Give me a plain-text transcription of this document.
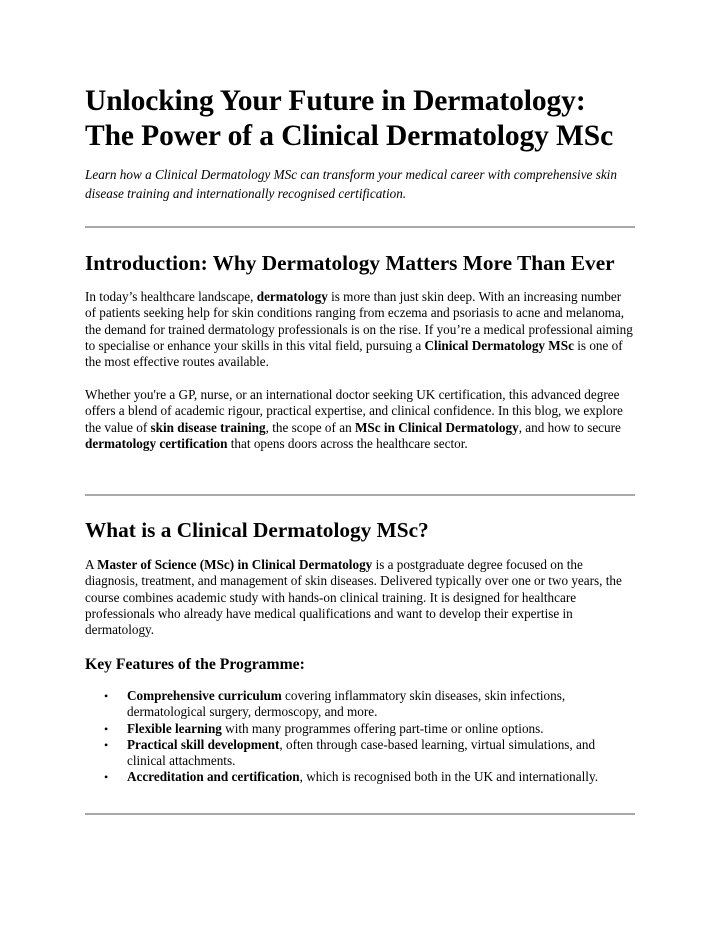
Unlocking Your Future in Dermatology: The Power of a Clinical Dermatology MSc

Learn how a Clinical Dermatology MSc can transform your medical career with comprehensive skin disease training and internationally recognised certification.

Introduction: Why Dermatology Matters More Than Ever

In today’s healthcare landscape, dermatology is more than just skin deep. With an increasing number of patients seeking help for skin conditions ranging from eczema and psoriasis to acne and melanoma, the demand for trained dermatology professionals is on the rise. If you’re a medical professional aiming to specialise or enhance your skills in this vital field, pursuing a Clinical Dermatology MSc is one of the most effective routes available.

Whether you're a GP, nurse, or an international doctor seeking UK certification, this advanced degree offers a blend of academic rigour, practical expertise, and clinical confidence. In this blog, we explore the value of skin disease training, the scope of an MSc in Clinical Dermatology, and how to secure dermatology certification that opens doors across the healthcare sector.

What is a Clinical Dermatology MSc?

A Master of Science (MSc) in Clinical Dermatology is a postgraduate degree focused on the diagnosis, treatment, and management of skin diseases. Delivered typically over one or two years, the course combines academic study with hands-on clinical training. It is designed for healthcare professionals who already have medical qualifications and want to develop their expertise in dermatology.

Key Features of the Programme:
• Comprehensive curriculum covering inflammatory skin diseases, skin infections, dermatological surgery, dermoscopy, and more.
• Flexible learning with many programmes offering part-time or online options.
• Practical skill development, often through case-based learning, virtual simulations, and clinical attachments.
• Accreditation and certification, which is recognised both in the UK and internationally.
